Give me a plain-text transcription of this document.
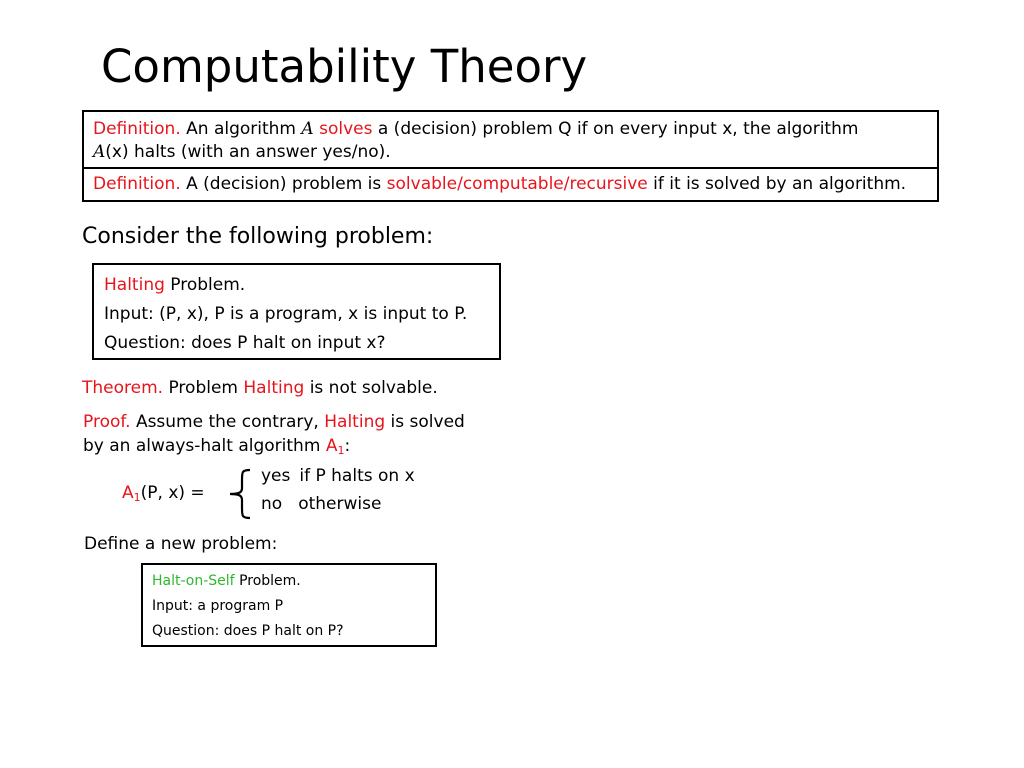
Computability Theory
Definition. An algorithm A solves a (decision) problem Q if on every input x, the algorithm
A(x) halts (with an answer yes/no).
Definition. A (decision) problem is solvable/computable/recursive if it is solved by an algorithm.
Consider the following problem:
Halting Problem.
Input: (P, x), P is a program, x is input to P.
Question: does P halt on input x?
Theorem. Problem Halting is not solvable.
Proof. Assume the contrary, Halting is solved
by an always-halt algorithm $A_1$:
$A_1(P$, x) =
yes if P halts on x
no otherwise
Define a new problem:
Halt-on-Self Problem.
Input: a program P
Question: does P halt on P?
